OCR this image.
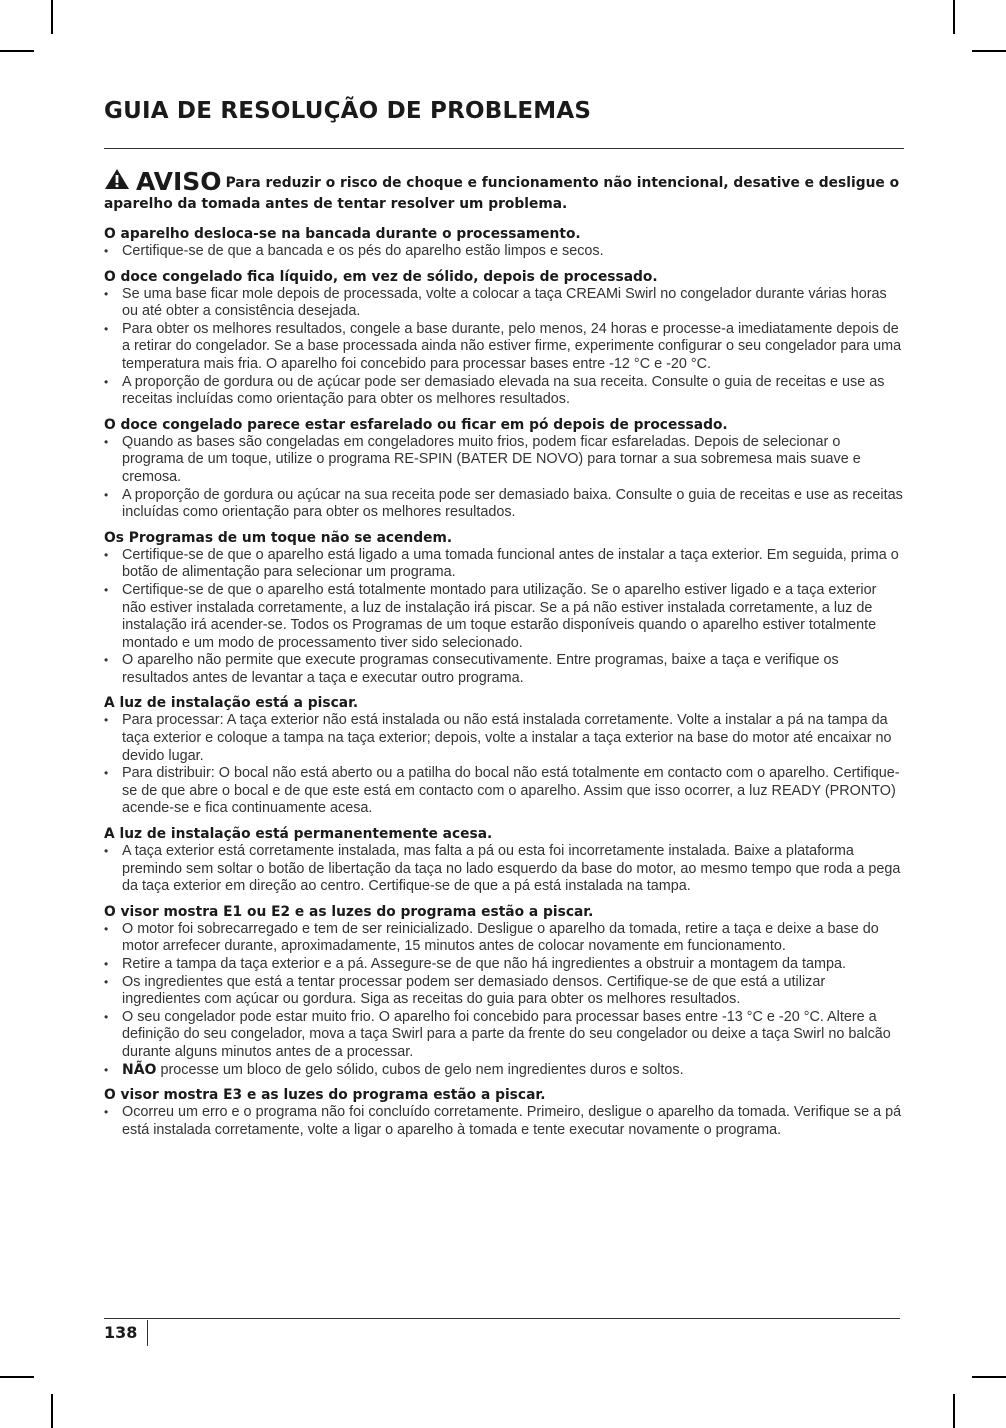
GUIA DE RESOLUÇÃO DE PROBLEMAS
AVISO Para reduzir o risco de choque e funcionamento não intencional, desative e desligue o aparelho da tomada antes de tentar resolver um problema.
O aparelho desloca-se na bancada durante o processamento.
• Certifique-se de que a bancada e os pés do aparelho estão limpos e secos.
O doce congelado fica líquido, em vez de sólido, depois de processado.
• Se uma base ficar mole depois de processada, volte a colocar a taça CREAMi Swirl no congelador durante várias horas ou até obter a consistência desejada.
• Para obter os melhores resultados, congele a base durante, pelo menos, 24 horas e processe-a imediatamente depois de a retirar do congelador. Se a base processada ainda não estiver firme, experimente configurar o seu congelador para uma temperatura mais fria. O aparelho foi concebido para processar bases entre -12 °C e -20 °C.
• A proporção de gordura ou de açúcar pode ser demasiado elevada na sua receita. Consulte o guia de receitas e use as receitas incluídas como orientação para obter os melhores resultados.
O doce congelado parece estar esfarelado ou ficar em pó depois de processado.
• Quando as bases são congeladas em congeladores muito frios, podem ficar esfareladas. Depois de selecionar o programa de um toque, utilize o programa RE-SPIN (BATER DE NOVO) para tornar a sua sobremesa mais suave e cremosa.
• A proporção de gordura ou açúcar na sua receita pode ser demasiado baixa. Consulte o guia de receitas e use as receitas incluídas como orientação para obter os melhores resultados.
Os Programas de um toque não se acendem.
• Certifique-se de que o aparelho está ligado a uma tomada funcional antes de instalar a taça exterior. Em seguida, prima o botão de alimentação para selecionar um programa.
• Certifique-se de que o aparelho está totalmente montado para utilização. Se o aparelho estiver ligado e a taça exterior não estiver instalada corretamente, a luz de instalação irá piscar. Se a pá não estiver instalada corretamente, a luz de instalação irá acender-se. Todos os Programas de um toque estarão disponíveis quando o aparelho estiver totalmente montado e um modo de processamento tiver sido selecionado.
• O aparelho não permite que execute programas consecutivamente. Entre programas, baixe a taça e verifique os resultados antes de levantar a taça e executar outro programa.
A luz de instalação está a piscar.
• Para processar: A taça exterior não está instalada ou não está instalada corretamente. Volte a instalar a pá na tampa da taça exterior e coloque a tampa na taça exterior; depois, volte a instalar a taça exterior na base do motor até encaixar no devido lugar.
• Para distribuir: O bocal não está aberto ou a patilha do bocal não está totalmente em contacto com o aparelho. Certifique-se de que abre o bocal e de que este está em contacto com o aparelho. Assim que isso ocorrer, a luz READY (PRONTO) acende-se e fica continuamente acesa.
A luz de instalação está permanentemente acesa.
• A taça exterior está corretamente instalada, mas falta a pá ou esta foi incorretamente instalada. Baixe a plataforma premindo sem soltar o botão de libertação da taça no lado esquerdo da base do motor, ao mesmo tempo que roda a pega da taça exterior em direção ao centro. Certifique-se de que a pá está instalada na tampa.
O visor mostra E1 ou E2 e as luzes do programa estão a piscar.
• O motor foi sobrecarregado e tem de ser reinicializado. Desligue o aparelho da tomada, retire a taça e deixe a base do motor arrefecer durante, aproximadamente, 15 minutos antes de colocar novamente em funcionamento.
• Retire a tampa da taça exterior e a pá. Assegure-se de que não há ingredientes a obstruir a montagem da tampa.
• Os ingredientes que está a tentar processar podem ser demasiado densos. Certifique-se de que está a utilizar ingredientes com açúcar ou gordura. Siga as receitas do guia para obter os melhores resultados.
• O seu congelador pode estar muito frio. O aparelho foi concebido para processar bases entre -13 °C e -20 °C. Altere a definição do seu congelador, mova a taça Swirl para a parte da frente do seu congelador ou deixe a taça Swirl no balcão durante alguns minutos antes de a processar.
• NÃO processe um bloco de gelo sólido, cubos de gelo nem ingredientes duros e soltos.
O visor mostra E3 e as luzes do programa estão a piscar.
• Ocorreu um erro e o programa não foi concluído corretamente. Primeiro, desligue o aparelho da tomada. Verifique se a pá está instalada corretamente, volte a ligar o aparelho à tomada e tente executar novamente o programa.
138
